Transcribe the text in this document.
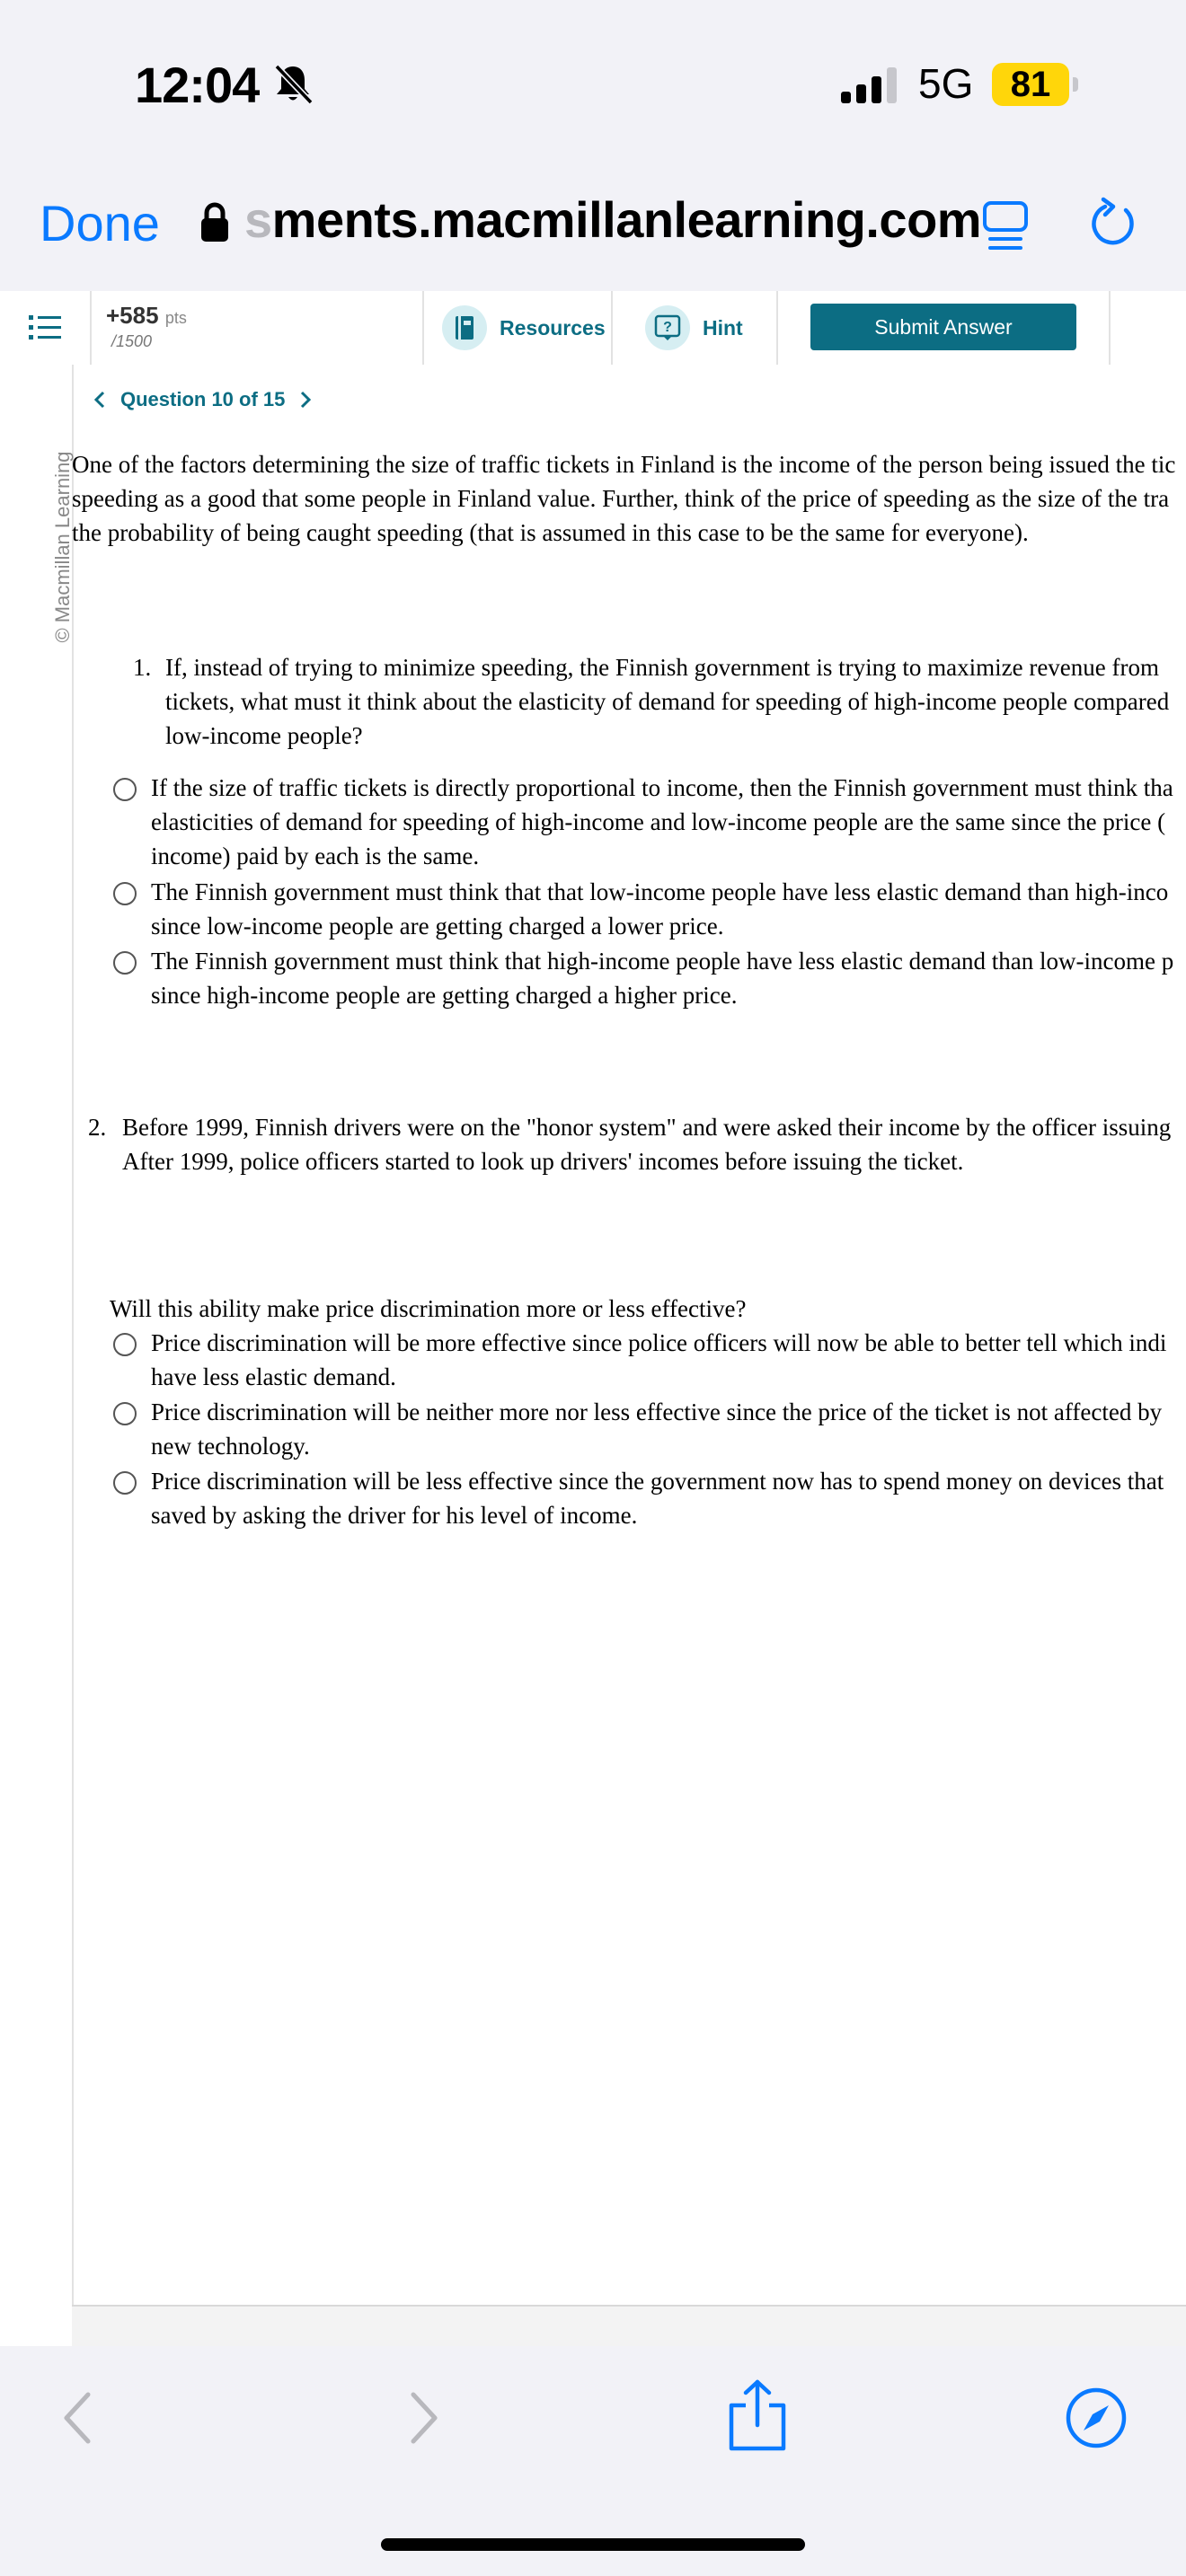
12:04	5G	81
Done sments.macmillanlearning.com
+585 pts
/1500
Resources	? Hint	Submit Answer
© Macmillan Learning
Question 10 of 15
One of the factors determining the size of traffic tickets in Finland is the income of the person being issued the tic
speeding as a good that some people in Finland value. Further, think of the price of speeding as the size of the tra
the probability of being caught speeding (that is assumed in this case to be the same for everyone).
1. If, instead of trying to minimize speeding, the Finnish government is trying to maximize revenue from
tickets, what must it think about the elasticity of demand for speeding of high-income people compared
low-income people?
If the size of traffic tickets is directly proportional to income, then the Finnish government must think tha
elasticities of demand for speeding of high-income and low-income people are the same since the price (
income) paid by each is the same.
The Finnish government must think that that low-income people have less elastic demand than high-inco
since low-income people are getting charged a lower price.
The Finnish government must think that high-income people have less elastic demand than low-income p
since high-income people are getting charged a higher price.
2. Before 1999, Finnish drivers were on the "honor system" and were asked their income by the officer issuing
After 1999, police officers started to look up drivers' incomes before issuing the ticket.
Will this ability make price discrimination more or less effective?
Price discrimination will be more effective since police officers will now be able to better tell which indi
have less elastic demand.
Price discrimination will be neither more nor less effective since the price of the ticket is not affected by
new technology.
Price discrimination will be less effective since the government now has to spend money on devices that
saved by asking the driver for his level of income.
